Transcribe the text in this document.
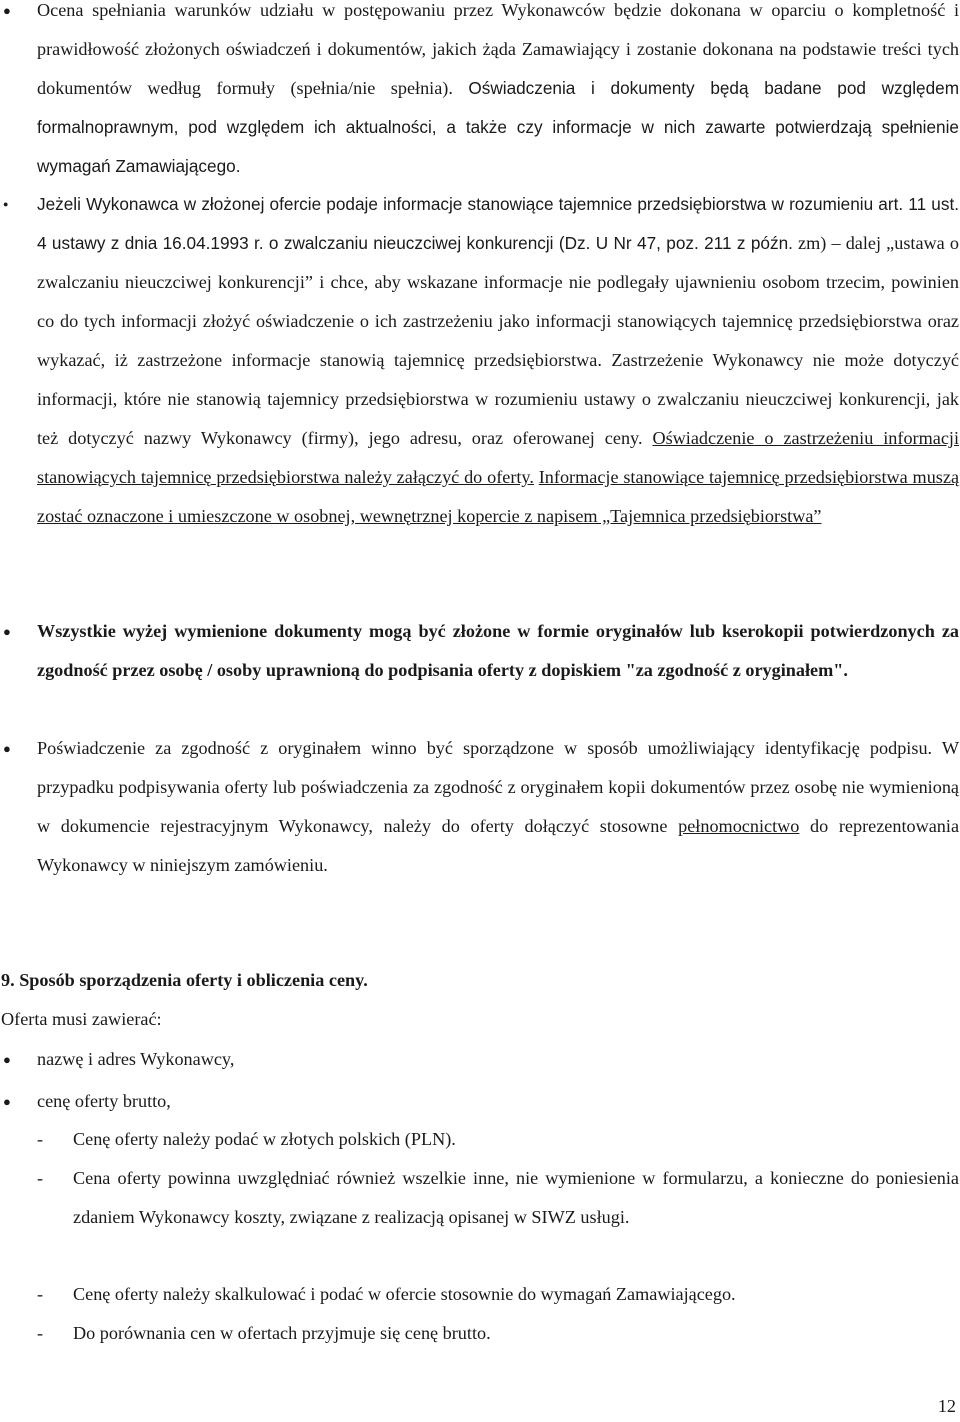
● Ocena spełniania warunków udziału w postępowaniu przez Wykonawców będzie dokonana w oparciu o kompletność i prawidłowość złożonych oświadczeń i dokumentów, jakich żąda Zamawiający i zostanie dokonana na podstawie treści tych dokumentów według formuły (spełnia/nie spełnia). Oświadczenia i dokumenty będą badane pod względem formalnoprawnym, pod względem ich aktualności, a także czy informacje w nich zawarte potwierdzają spełnienie wymagań Zamawiającego.
● Jeżeli Wykonawca w złożonej ofercie podaje informacje stanowiące tajemnice przedsiębiorstwa w rozumieniu art. 11 ust. 4 ustawy z dnia 16.04.1993 r. o zwalczaniu nieuczciwej konkurencji (Dz. U Nr 47, poz. 211 z późn. zm) – dalej „ustawa o zwalczaniu nieuczciwej konkurencji” i chce, aby wskazane informacje nie podlegały ujawnieniu osobom trzecim, powinien co do tych informacji złożyć oświadczenie o ich zastrzeżeniu jako informacji stanowiących tajemnicę przedsiębiorstwa oraz wykazać, iż zastrzeżone informacje stanowią tajemnicę przedsiębiorstwa. Zastrzeżenie Wykonawcy nie może dotyczyć informacji, które nie stanowią tajemnicy przedsiębiorstwa w rozumieniu ustawy o zwalczaniu nieuczciwej konkurencji, jak też dotyczyć nazwy Wykonawcy (firmy), jego adresu, oraz oferowanej ceny. Oświadczenie o zastrzeżeniu informacji stanowiących tajemnicę przedsiębiorstwa należy załączyć do oferty. Informacje stanowiące tajemnicę przedsiębiorstwa muszą zostać oznaczone i umieszczone w osobnej, wewnętrznej kopercie z napisem „Tajemnica przedsiębiorstwa”
● Wszystkie wyżej wymienione dokumenty mogą być złożone w formie oryginałów lub kserokopii potwierdzonych za zgodność przez osobę / osoby uprawnioną do podpisania oferty z dopiskiem "za zgodność z oryginałem".
● Poświadczenie za zgodność z oryginałem winno być sporządzone w sposób umożliwiający identyfikację podpisu. W przypadku podpisywania oferty lub poświadczenia za zgodność z oryginałem kopii dokumentów przez osobę nie wymienioną w dokumencie rejestracyjnym Wykonawcy, należy do oferty dołączyć stosowne pełnomocnictwo do reprezentowania Wykonawcy w niniejszym zamówieniu.
9. Sposób sporządzenia oferty i obliczenia ceny.
Oferta musi zawierać:
● nazwę i adres Wykonawcy,
● cenę oferty brutto,
- Cenę oferty należy podać w złotych polskich (PLN).
- Cena oferty powinna uwzględniać również wszelkie inne, nie wymienione w formularzu, a konieczne do poniesienia zdaniem Wykonawcy koszty, związane z realizacją opisanej w SIWZ usługi.
- Cenę oferty należy skalkulować i podać w ofercie stosownie do wymagań Zamawiającego.
- Do porównania cen w ofertach przyjmuje się cenę brutto.
12
